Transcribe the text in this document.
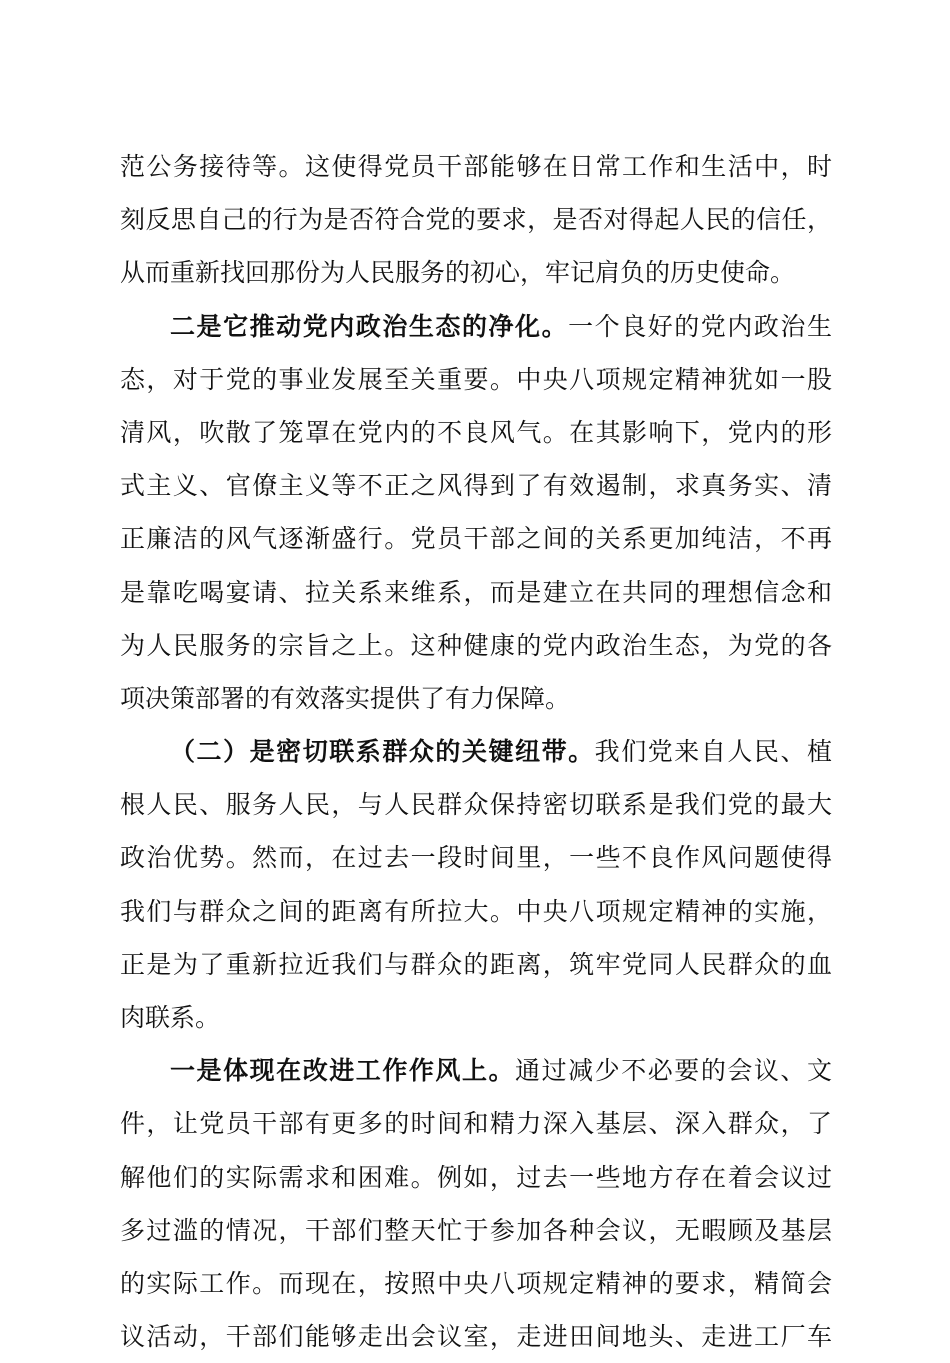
范公务接待等。这使得党员干部能够在日常工作和生活中，时
刻反思自己的行为是否符合党的要求，是否对得起人民的信任，
从而重新找回那份为人民服务的初心，牢记肩负的历史使命。
二是它推动党内政治生态的净化。一个良好的党内政治生
态，对于党的事业发展至关重要。中央八项规定精神犹如一股
清风，吹散了笼罩在党内的不良风气。在其影响下，党内的形
式主义、官僚主义等不正之风得到了有效遏制，求真务实、清
正廉洁的风气逐渐盛行。党员干部之间的关系更加纯洁，不再
是靠吃喝宴请、拉关系来维系，而是建立在共同的理想信念和
为人民服务的宗旨之上。这种健康的党内政治生态，为党的各
项决策部署的有效落实提供了有力保障。
（二）是密切联系群众的关键纽带。我们党来自人民、植
根人民、服务人民，与人民群众保持密切联系是我们党的最大
政治优势。然而，在过去一段时间里，一些不良作风问题使得
我们与群众之间的距离有所拉大。中央八项规定精神的实施，
正是为了重新拉近我们与群众的距离，筑牢党同人民群众的血
肉联系。
一是体现在改进工作作风上。通过减少不必要的会议、文
件，让党员干部有更多的时间和精力深入基层、深入群众，了
解他们的实际需求和困难。例如，过去一些地方存在着会议过
多过滥的情况，干部们整天忙于参加各种会议，无暇顾及基层
的实际工作。而现在，按照中央八项规定精神的要求，精简会
议活动，干部们能够走出会议室，走进田间地头、走进工厂车
